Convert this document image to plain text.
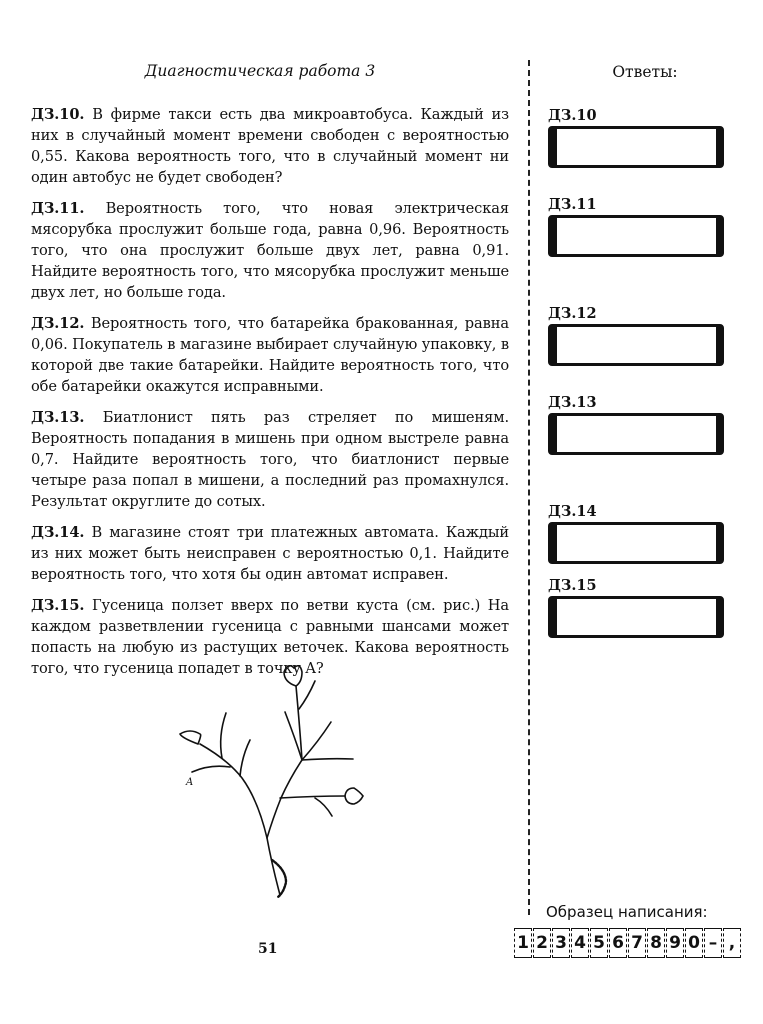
Диагностическая работа 3

ДЗ.10. В фирме такси есть два микроавтобуса. Каждый из них в случайный момент времени свободен с вероятностью 0,55. Какова вероятность того, что в случайный момент ни один автобус не будет свободен?

ДЗ.11. Вероятность того, что новая электрическая мясорубка прослужит больше года, равна 0,96. Вероятность того, что она прослужит больше двух лет, равна 0,91. Найдите вероятность того, что мясорубка прослужит меньше двух лет, но больше года.

ДЗ.12. Вероятность того, что батарейка бракованная, равна 0,06. Покупатель в магазине выбирает случайную упаковку, в которой две такие батарейки. Найдите вероятность того, что обе батарейки окажутся исправными.

ДЗ.13. Биатлонист пять раз стреляет по мишеням. Вероятность попадания в мишень при одном выстреле равна 0,7. Найдите вероятность того, что биатлонист первые четыре раза попал в мишени, а последний раз промахнулся. Результат округлите до сотых.

ДЗ.14. В магазине стоят три платежных автомата. Каждый из них может быть неисправен с вероятностью 0,1. Найдите вероятность того, что хотя бы один автомат исправен.

ДЗ.15. Гусеница ползет вверх по ветви куста (см. рис.) На каждом разветвлении гусеница с равными шансами может попасть на любую из растущих веточек. Какова вероятность того, что гусеница попадет в точку A?

A
Ответы:
ДЗ.10
ДЗ.11
ДЗ.12
ДЗ.13
ДЗ.14
ДЗ.15
Образец написания:
1 2 3 4 5 6 7 8 9 0 – ,
51
